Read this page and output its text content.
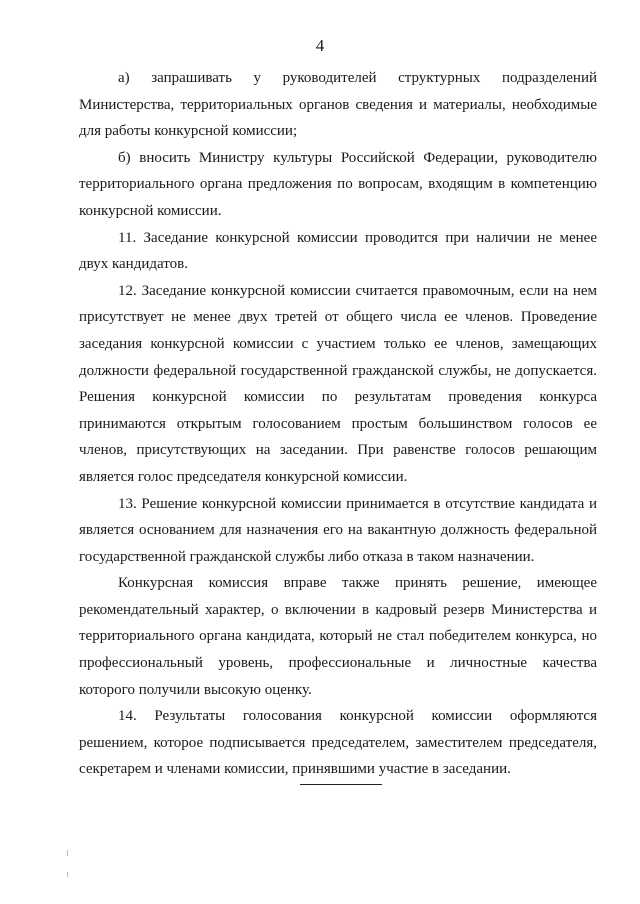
4

а) запрашивать у руководителей структурных подразделений Министерства, территориальных органов сведения и материалы, необходимые для работы конкурсной комиссии;

б) вносить Министру культуры Российской Федерации, руководителю территориального органа предложения по вопросам, входящим в компетенцию конкурсной комиссии.

11. Заседание конкурсной комиссии проводится при наличии не менее двух кандидатов.

12. Заседание конкурсной комиссии считается правомочным, если на нем присутствует не менее двух третей от общего числа ее членов. Проведение заседания конкурсной комиссии с участием только ее членов, замещающих должности федеральной государственной гражданской службы, не допускается. Решения конкурсной комиссии по результатам проведения конкурса принимаются открытым голосованием простым большинством голосов ее членов, присутствующих на заседании. При равенстве голосов решающим является голос председателя конкурсной комиссии.

13. Решение конкурсной комиссии принимается в отсутствие кандидата и является основанием для назначения его на вакантную должность федеральной государственной гражданской службы либо отказа в таком назначении.

Конкурсная комиссия вправе также принять решение, имеющее рекомендательный характер, о включении в кадровый резерв Министерства и территориального органа кандидата, который не стал победителем конкурса, но профессиональный уровень, профессиональные и личностные качества которого получили высокую оценку.

14. Результаты голосования конкурсной комиссии оформляются решением, которое подписывается председателем, заместителем председателя, секретарем и членами комиссии, принявшими участие в заседании.
